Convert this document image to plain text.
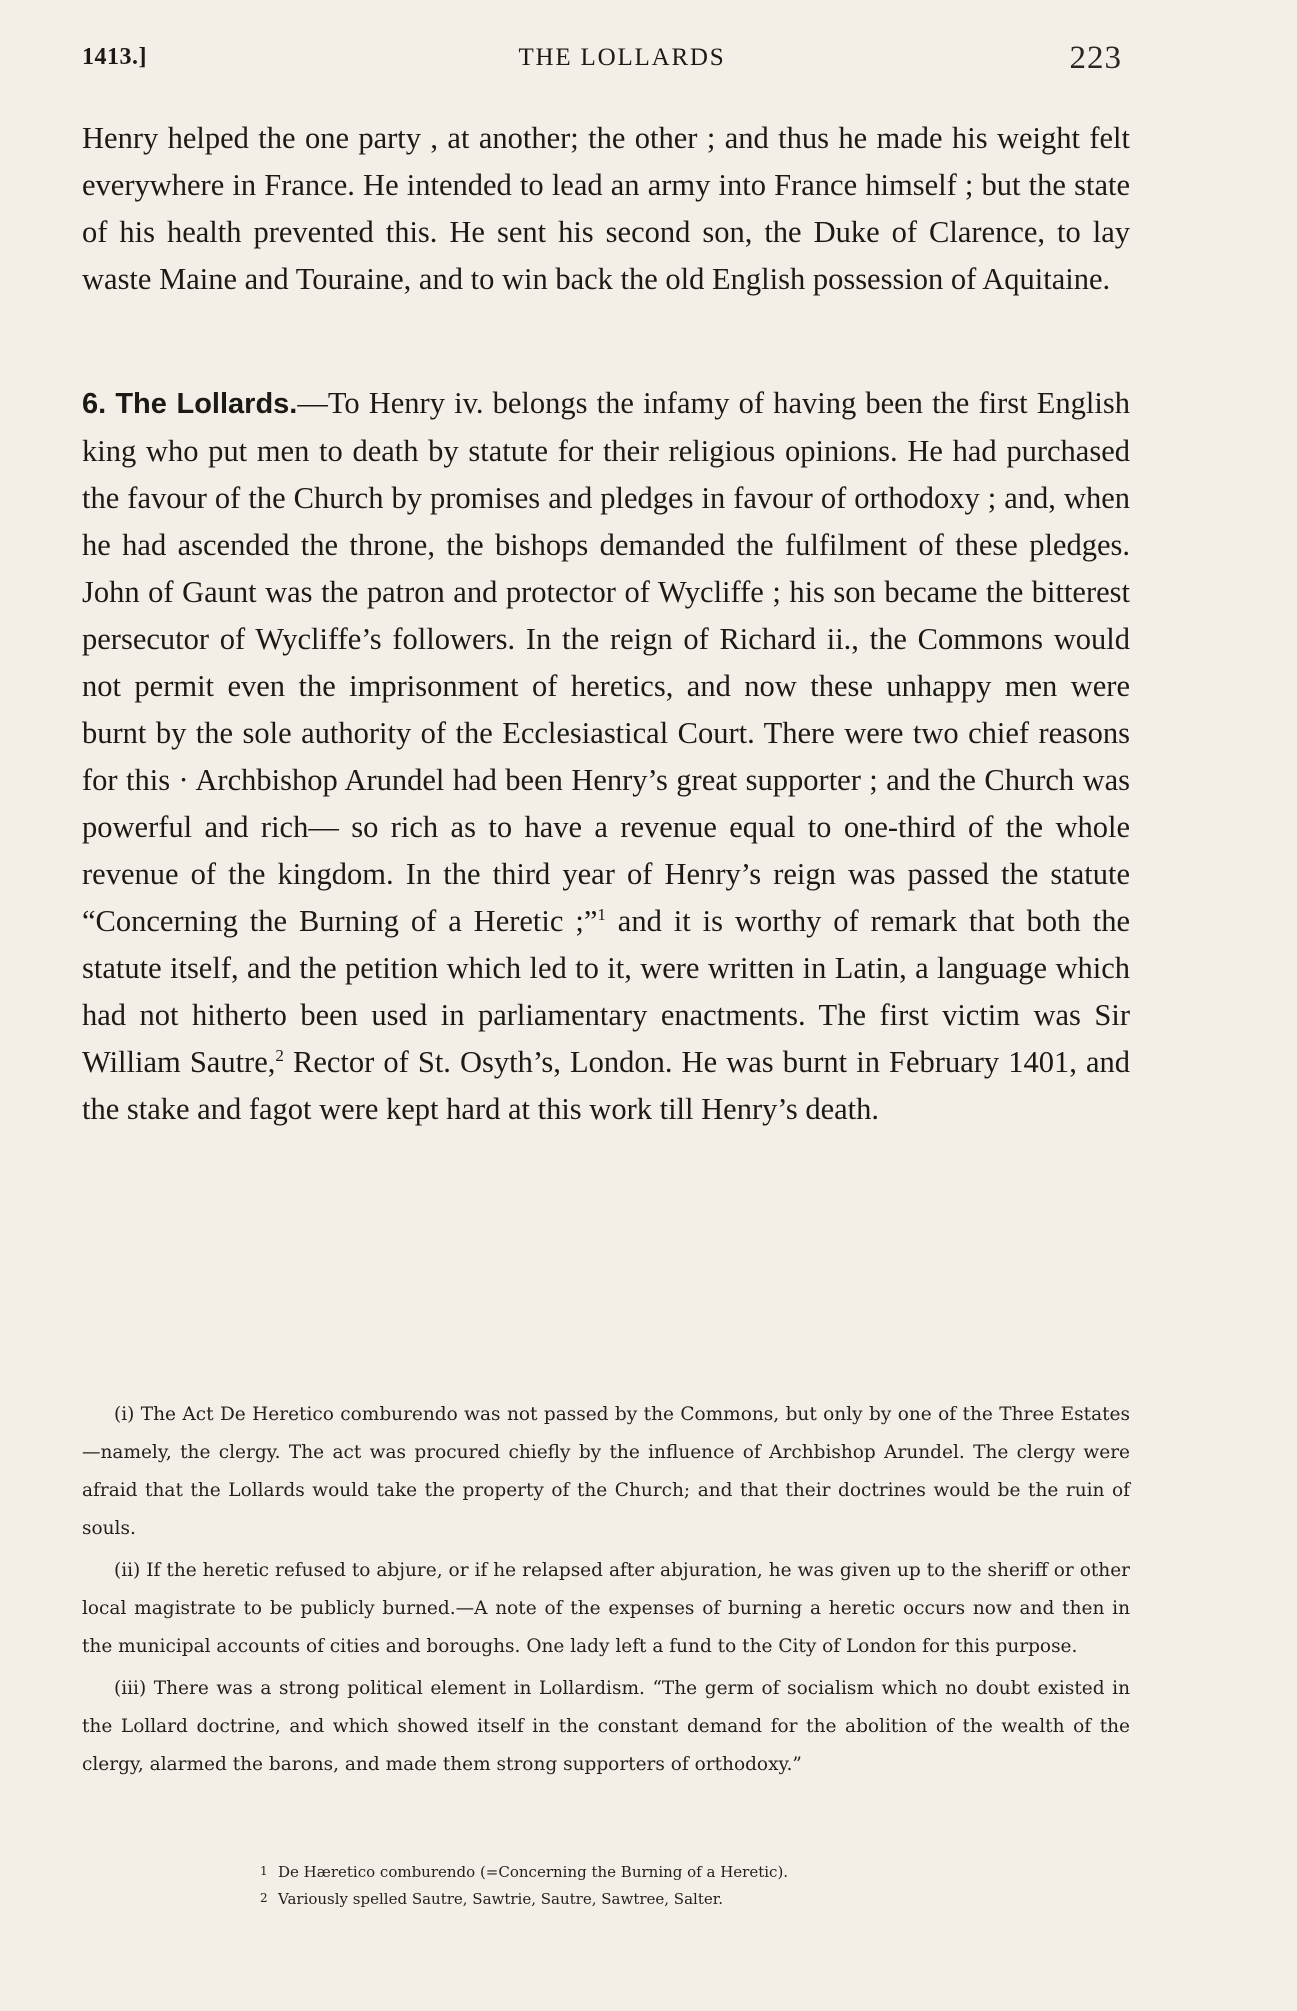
1413.]	THE LOLLARDS	223

Henry helped the one party , at another; the other ; and thus he made his weight felt everywhere in France. He intended to lead an army into France himself ; but the state of his health prevented this. He sent his second son, the Duke of Clarence, to lay waste Maine and Touraine, and to win back the old English possession of Aquitaine.

6. The Lollards.—To Henry iv. belongs the infamy of having been the first English king who put men to death by statute for their religious opinions. He had purchased the favour of the Church by promises and pledges in favour of orthodoxy ; and, when he had ascended the throne, the bishops demanded the fulfilment of these pledges. John of Gaunt was the patron and protector of Wycliffe ; his son became the bitterest persecutor of Wycliffe’s followers. In the reign of Richard ii., the Commons would not permit even the imprisonment of heretics, and now these unhappy men were burnt by the sole authority of the Ecclesiastical Court. There were two chief reasons for this · Archbishop Arundel had been Henry’s great supporter ; and the Church was powerful and rich— so rich as to have a revenue equal to one-third of the whole revenue of the kingdom. In the third year of Henry’s reign was passed the statute “Concerning the Burning of a Heretic ;”$^1$ and it is worthy of remark that both the statute itself, and the petition which led to it, were written in Latin, a language which had not hitherto been used in parliamentary enactments. The first victim was Sir William Sautre,$^2$ Rector of St. Osyth’s, London. He was burnt in February 1401, and the stake and fagot were kept hard at this work till Henry’s death.

(i) The Act De Heretico comburendo was not passed by the Commons, but only by one of the Three Estates—namely, the clergy. The act was procured chiefly by the influence of Archbishop Arundel. The clergy were afraid that the Lollards would take the property of the Church; and that their doctrines would be the ruin of souls.

(ii) If the heretic refused to abjure, or if he relapsed after abjuration, he was given up to the sheriff or other local magistrate to be publicly burned.—A note of the expenses of burning a heretic occurs now and then in the municipal accounts of cities and boroughs. One lady left a fund to the City of London for this purpose.

(iii) There was a strong political element in Lollardism. “The germ of socialism which no doubt existed in the Lollard doctrine, and which showed itself in the constant demand for the abolition of the wealth of the clergy, alarmed the barons, and made them strong supporters of orthodoxy.”

1 De Hæretico comburendo (=Concerning the Burning of a Heretic).
2 Variously spelled Sautre, Sawtrie, Sautre, Sawtree, Salter.
